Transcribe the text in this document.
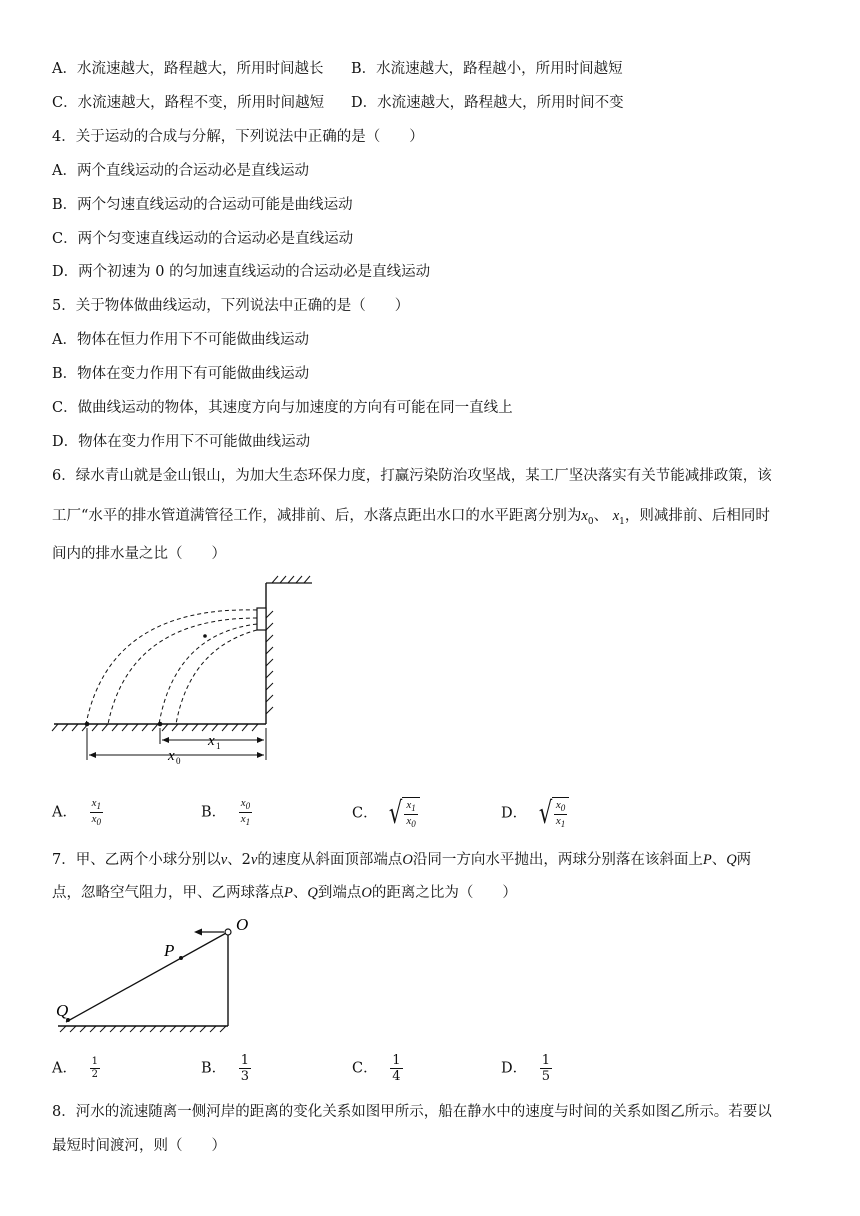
A．水流速越大，路程越大，所用时间越长 B．水流速越大，路程越小，所用时间越短
C．水流速越大，路程不变，所用时间越短 D．水流速越大，路程越大，所用时间不变
4．关于运动的合成与分解，下列说法中正确的是（　　）
A．两个直线运动的合运动必是直线运动
B．两个匀速直线运动的合运动可能是曲线运动
C．两个匀变速直线运动的合运动必是直线运动
D．两个初速为 0 的匀加速直线运动的合运动必是直线运动
5．关于物体做曲线运动，下列说法中正确的是（　　）
A．物体在恒力作用下不可能做曲线运动
B．物体在变力作用下有可能做曲线运动
C．做曲线运动的物体，其速度方向与加速度的方向有可能在同一直线上
D．物体在变力作用下不可能做曲线运动
6．绿水青山就是金山银山，为加大生态环保力度，打赢污染防治攻坚战，某工厂坚决落实有关节能减排政策，该
工厂“水平的排水管道满管径工作，减排前、后，水落点距出水口的水平距离分别为$x_0$、 $x_1$，则减排前、后相同时
间内的排水量之比（　　）
x 1
x 0
A． $\frac{x_1}{x_0}$	B． $\frac{x_0}{x_1}$	C． √ $\frac{x_1}{x_0}$	D． √ $\frac{x_0}{x_1}$
7．甲、乙两个小球分别以v、2v的速度从斜面顶部端点O沿同一方向水平抛出，两球分别落在该斜面上P、Q两
点，忽略空气阻力，甲、乙两球落点P、Q到端点O的距离之比为（　　）
O
P
Q
A． $\frac{1}{2}$	B． $\frac{1}{3}$	C． $\frac{1}{4}$	D． $\frac{1}{5}$
8．河水的流速随离一侧河岸的距离的变化关系如图甲所示，船在静水中的速度与时间的关系如图乙所示。若要以
最短时间渡河，则（　　）
